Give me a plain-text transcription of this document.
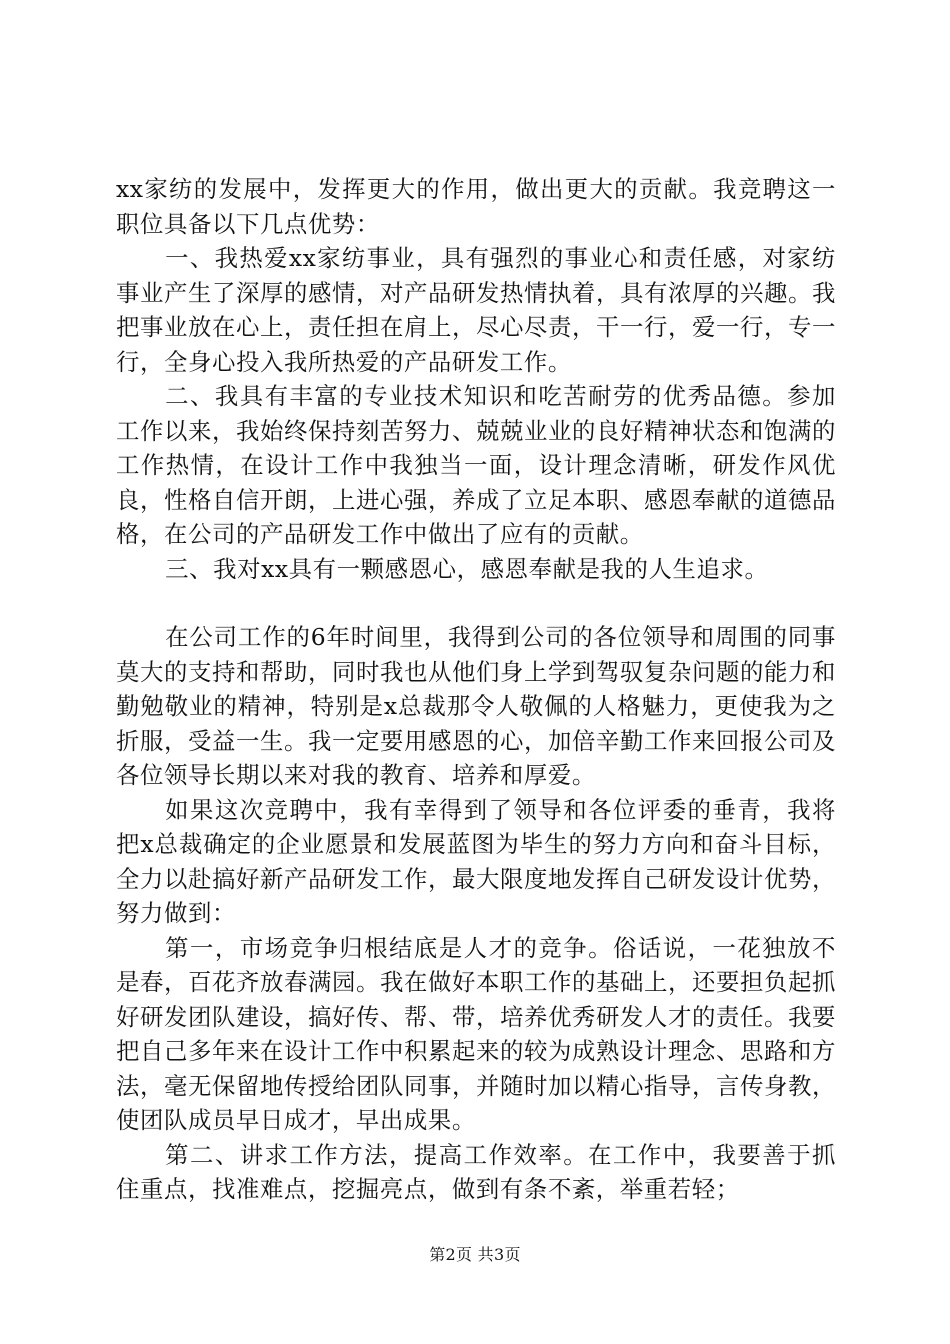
xx家纺的发展中，发挥更大的作用，做出更大的贡献。我竞聘这一职位具备以下几点优势：

一、我热爱xx家纺事业，具有强烈的事业心和责任感，对家纺事业产生了深厚的感情，对产品研发热情执着，具有浓厚的兴趣。我把事业放在心上，责任担在肩上，尽心尽责，干一行，爱一行，专一行，全身心投入我所热爱的产品研发工作。

二、我具有丰富的专业技术知识和吃苦耐劳的优秀品德。参加工作以来，我始终保持刻苦努力、兢兢业业的良好精神状态和饱满的工作热情，在设计工作中我独当一面，设计理念清晰，研发作风优良，性格自信开朗，上进心强，养成了立足本职、感恩奉献的道德品格，在公司的产品研发工作中做出了应有的贡献。

三、我对xx具有一颗感恩心，感恩奉献是我的人生追求。

在公司工作的6年时间里，我得到公司的各位领导和周围的同事莫大的支持和帮助，同时我也从他们身上学到驾驭复杂问题的能力和勤勉敬业的精神，特别是x总裁那令人敬佩的人格魅力，更使我为之折服，受益一生。我一定要用感恩的心，加倍辛勤工作来回报公司及各位领导长期以来对我的教育、培养和厚爱。

如果这次竞聘中，我有幸得到了领导和各位评委的垂青，我将把x总裁确定的企业愿景和发展蓝图为毕生的努力方向和奋斗目标，全力以赴搞好新产品研发工作，最大限度地发挥自己研发设计优势，努力做到：

第一，市场竞争归根结底是人才的竞争。俗话说，一花独放不是春，百花齐放春满园。我在做好本职工作的基础上，还要担负起抓好研发团队建设，搞好传、帮、带，培养优秀研发人才的责任。我要把自己多年来在设计工作中积累起来的较为成熟设计理念、思路和方法，毫无保留地传授给团队同事，并随时加以精心指导，言传身教，使团队成员早日成才，早出成果。

第二、讲求工作方法，提高工作效率。在工作中，我要善于抓住重点，找准难点，挖掘亮点，做到有条不紊，举重若轻；

第2页 共3页
